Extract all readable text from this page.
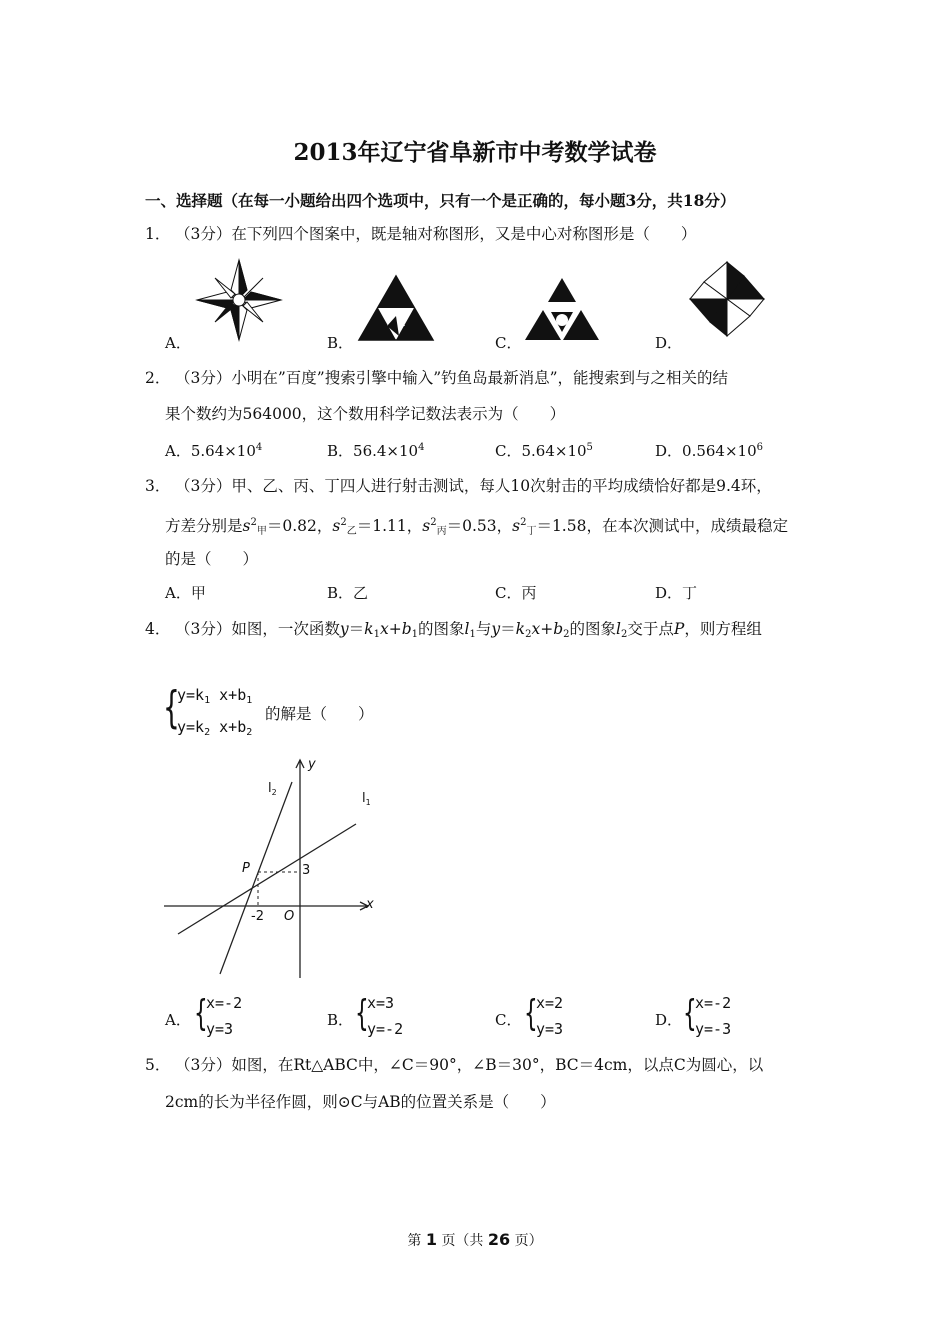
2013年辽宁省阜新市中考数学试卷
一、选择题（在每一小题给出四个选项中，只有一个是正确的，每小题3分，共18分）
1． （3分）在下列四个图案中，既是轴对称图形，又是中心对称图形是（　　）
A．	B．	C．	D．
2． （3分）小明在”百度”搜索引擎中输入”钓鱼岛最新消息”，能搜索到与之相关的结
果个数约为564000，这个数用科学记数法表示为（　　）
A．$5.64\times 10^4$	B．$56.4\times 10^4$	C．$5.64\times 10^5$	D．$0.564\times 10^6$
3． （3分）甲、乙、丙、丁四人进行射击测试，每人10次射击的平均成绩恰好都是9.4环，
方差分别是$s^2_甲=0.82$，$s^2_乙=1.11$，$s^2_丙=0.53$，$s^2_丁=1.58$，在本次测试中，成绩最稳定
的是（　　）
A．甲	B．乙	C．丙	D．丁
4． （3分）如图，一次函数$y=k_1x+b_1$的图象$l_1$与$y=k_2x+b_2$的图象$l_2$交于点P，则方程组
{
$y=k_1$ $x+b_1$
$y=k_2$ $x+b_2$
的解是（　　）
y
x
$l_2$	$l_1$
P	3
-2 O
A． {
x=-2
y=3	B． {
x=3
y=-2	C． {
x=2
y=3	D． {
x=-2
y=-3
5． （3分）如图，在Rt△ABC中，∠C＝90°，∠B＝30°，BC＝4cm，以点C为圆心，以
2cm的长为半径作圆，则⊙C与AB的位置关系是（　　）
第 1 页（共 26 页）
